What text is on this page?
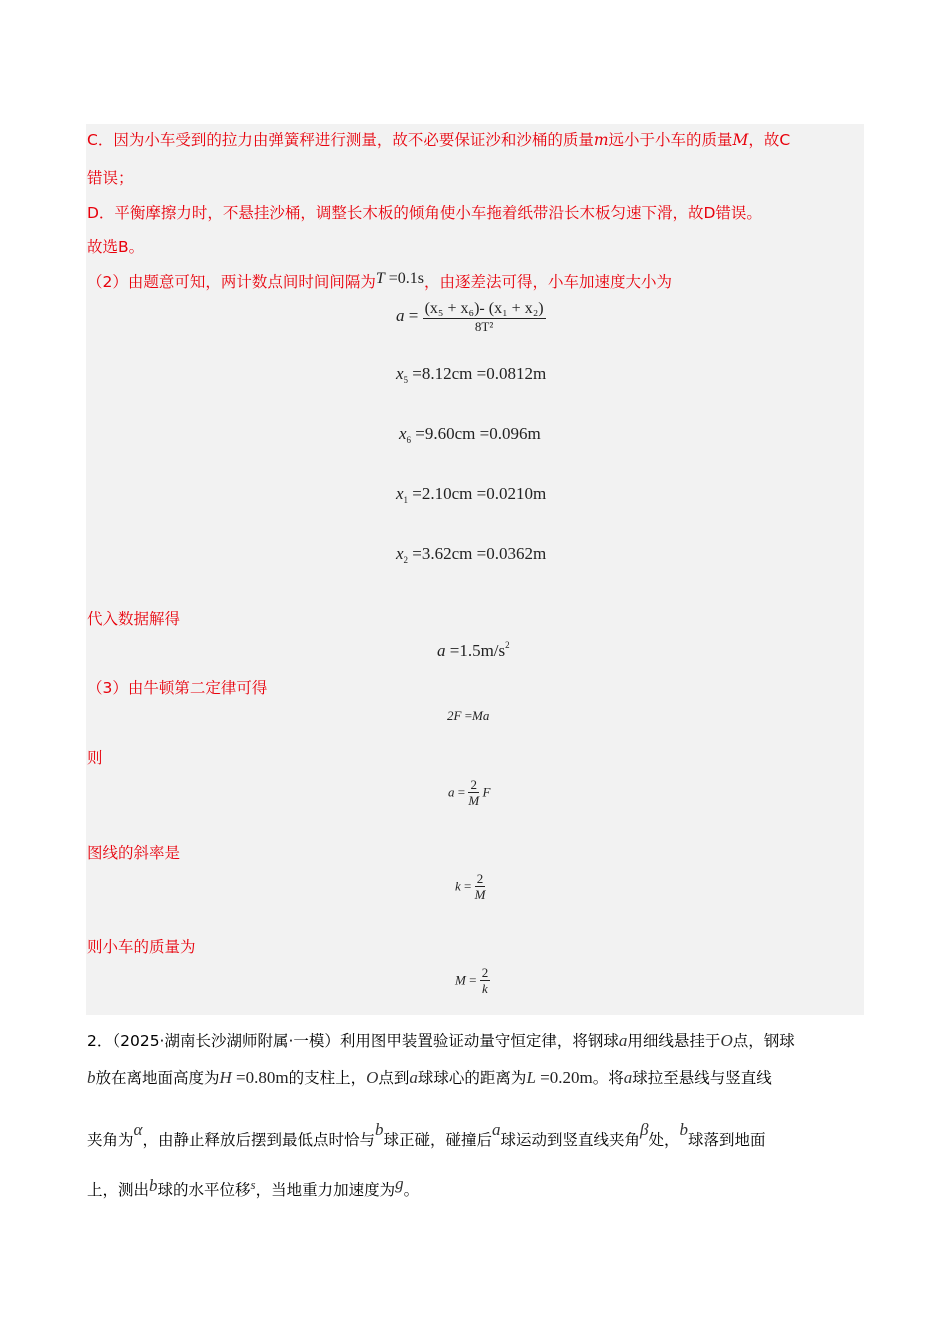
C．因为小车受到的拉力由弹簧秤进行测量，故不必要保证沙和沙桶的质量m远小于小车的质量M，故C
错误；
D．平衡摩擦力时，不悬挂沙桶，调整长木板的倾角使小车拖着纸带沿长木板匀速下滑，故D错误。
故选B。
（2）由题意可知，两计数点间时间间隔为T =0.1s，由逐差法可得，小车加速度大小为
$a = \frac{\text{(x₅ + x₆)- (x₁ + x₂)}}{\text{8T²}}$
$x_5 =8.12cm =0.0812m$
$x_6 =9.60cm =0.096m$
$x_1 =2.10cm =0.0210m$
$x_2 =3.62cm =0.0362m$
代入数据解得
$a =1.5m/s^2$
（3）由牛顿第二定律可得
2F =Ma
则
$a = \frac{2}{M}$ F
图线的斜率是
$k = \frac{2}{M}$
则小车的质量为
$M = \frac{2}{k}$
2．（2025·湖南长沙湖师附属·一模）利用图甲装置验证动量守恒定律，将钢球a用细线悬挂于O点，钢球
b放在离地面高度为H =0.80m的支柱上，O点到a球球心的距离为L =0.20m。将a球拉至悬线与竖直线
夹角为α，由静止释放后摆到最低点时恰与b球正碰，碰撞后a球运动到竖直线夹角β处，b球落到地面
上，测出b球的水平位移$^s$，当地重力加速度为g。
